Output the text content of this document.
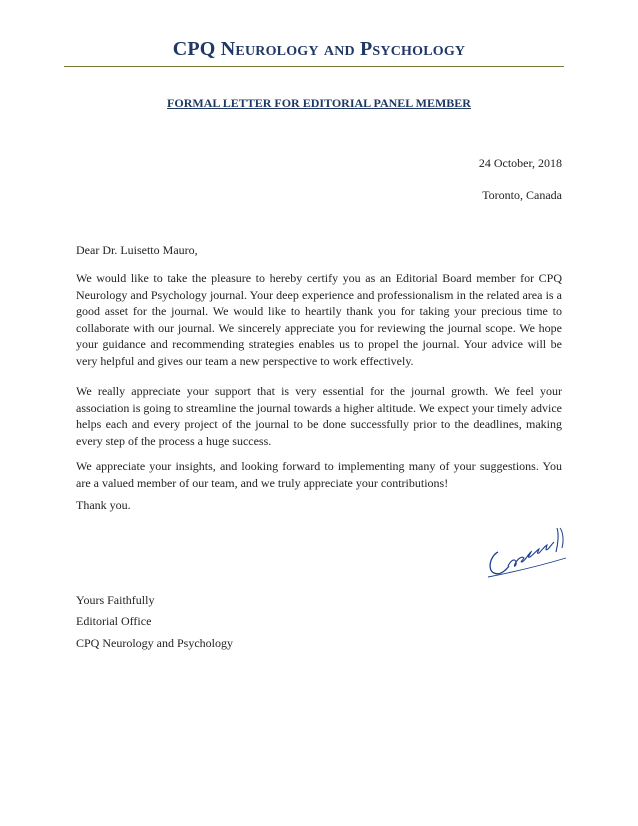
CPQ Neurology and Psychology
FORMAL LETTER FOR EDITORIAL PANEL MEMBER
24 October, 2018
Toronto, Canada
Dear Dr. Luisetto Mauro,
We would like to take the pleasure to hereby certify you as an Editorial Board member for CPQ Neurology and Psychology journal. Your deep experience and professionalism in the related area is a good asset for the journal. We would like to heartily thank you for taking your precious time to collaborate with our journal. We sincerely appreciate you for reviewing the journal scope. We hope your guidance and recommending strategies enables us to propel the journal. Your advice will be very helpful and gives our team a new perspective to work effectively.
We really appreciate your support that is very essential for the journal growth. We feel your association is going to streamline the journal towards a higher altitude. We expect your timely advice helps each and every project of the journal to be done successfully prior to the deadlines, making every step of the process a huge success.
We appreciate your insights, and looking forward to implementing many of your suggestions. You are a valued member of our team, and we truly appreciate your contributions!
Thank you.
Yours Faithfully
Editorial Office
CPQ Neurology and Psychology
